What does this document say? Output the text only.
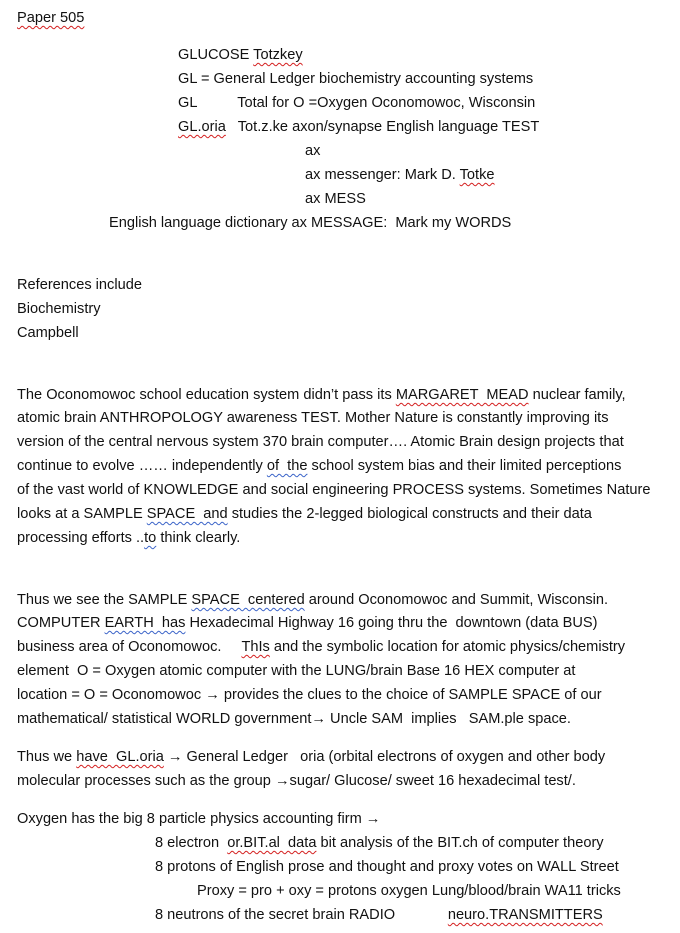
Paper 505
GLUCOSE Totzkey
GL = General Ledger biochemistry accounting systems
GL          Total for O =Oxygen Oconomowoc, Wisconsin
GL.oria   Tot.z.ke axon/synapse English language TEST
ax
ax messenger: Mark D. Totke
ax MESS
English language dictionary ax MESSAGE:  Mark my WORDS
References include
Biochemistry
Campbell
The Oconomowoc school education system didn’t pass its MARGARET  MEAD nuclear family,
atomic brain ANTHROPOLOGY awareness TEST. Mother Nature is constantly improving its
version of the central nervous system 370 brain computer…. Atomic Brain design projects that
continue to evolve …… independently of  the school system bias and their limited perceptions
of the vast world of KNOWLEDGE and social engineering PROCESS systems. Sometimes Nature
looks at a SAMPLE SPACE  and studies the 2-legged biological constructs and their data
processing efforts ..to think clearly.
Thus we see the SAMPLE SPACE  centered around Oconomowoc and Summit, Wisconsin.
COMPUTER EARTH  has Hexadecimal Highway 16 going thru the  downtown (data BUS)
business area of Oconomowoc.     ThIs and the symbolic location for atomic physics/chemistry
element  O = Oxygen atomic computer with the LUNG/brain Base 16 HEX computer at
location = O = Oconomowoc → provides the clues to the choice of SAMPLE SPACE of our
mathematical/ statistical WORLD government→ Uncle SAM  implies   SAM.ple space.
Thus we have  GL.oria → General Ledger   oria (orbital electrons of oxygen and other body
molecular processes such as the group →sugar/ Glucose/ sweet 16 hexadecimal test/.
Oxygen has the big 8 particle physics accounting firm →
8 electron  or.BIT.al  data bit analysis of the BIT.ch of computer theory
8 protons of English prose and thought and proxy votes on WALL Street
Proxy = pro + oxy = protons oxygen Lung/blood/brain WA11 tricks
8 neutrons of the secret brain RADIO             neuro.TRANSMITTERS
